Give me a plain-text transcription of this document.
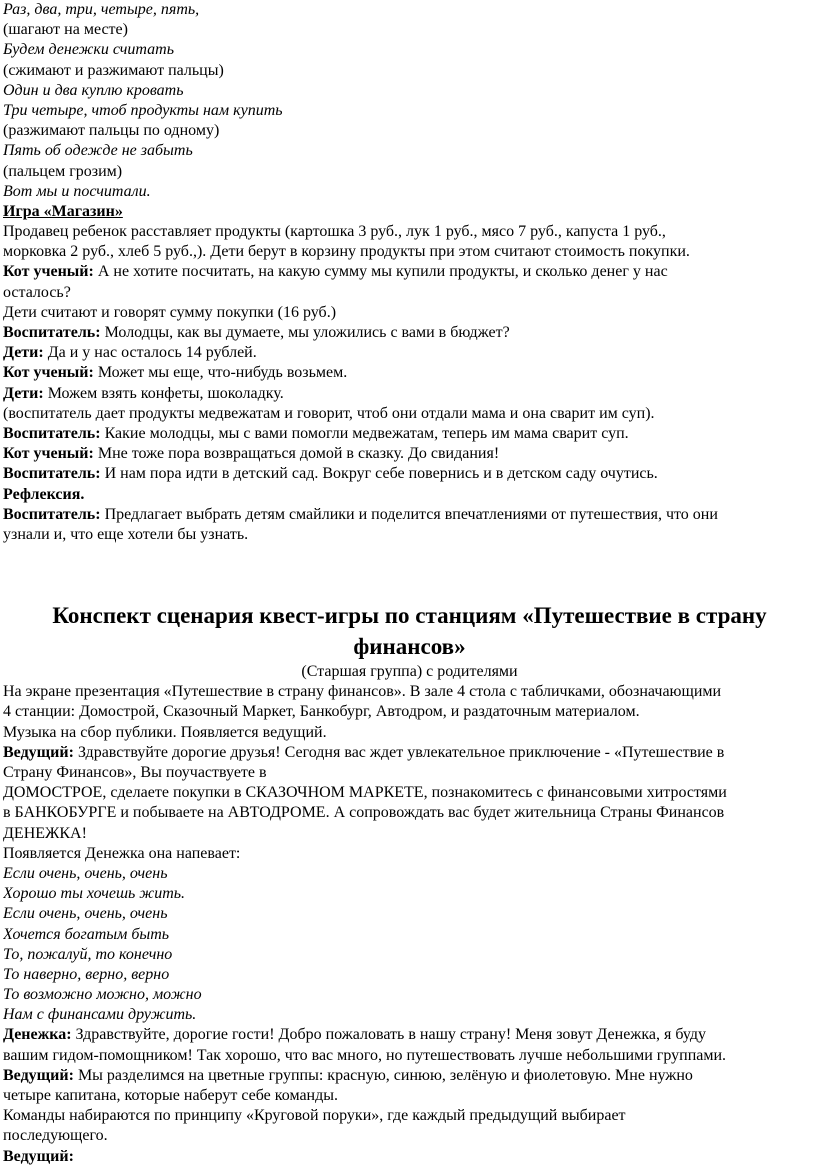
Раз, два, три, четыре, пять,
(шагают на месте)
Будем денежки считать
(сжимают и разжимают пальцы)
Один и два куплю кровать
Три четыре, чтоб продукты нам купить
(разжимают пальцы по одному)
Пять об одежде не забыть
(пальцем грозим)
Вот мы и посчитали.
Игра «Магазин»
Продавец ребенок расставляет продукты (картошка 3 руб., лук 1 руб., мясо 7 руб., капуста 1 руб.,
морковка 2 руб., хлеб 5 руб.,). Дети берут в корзину продукты при этом считают стоимость покупки.
Кот ученый: А не хотите посчитать, на какую сумму мы купили продукты, и сколько денег у нас
осталось?
Дети считают и говорят сумму покупки (16 руб.)
Воспитатель: Молодцы, как вы думаете, мы уложились с вами в бюджет?
Дети: Да и у нас осталось 14 рублей.
Кот ученый: Может мы еще, что-нибудь возьмем.
Дети: Можем взять конфеты, шоколадку.
(воспитатель дает продукты медвежатам и говорит, чтоб они отдали мама и она сварит им суп).
Воспитатель: Какие молодцы, мы с вами помогли медвежатам, теперь им мама сварит суп.
Кот ученый: Мне тоже пора возвращаться домой в сказку. До свидания!
Воспитатель: И нам пора идти в детский сад. Вокруг себе повернись и в детском саду очутись.
Рефлексия.
Воспитатель: Предлагает выбрать детям смайлики и поделится впечатлениями от путешествия, что они
узнали и, что еще хотели бы узнать.
Конспект сценария квест-игры по станциям «Путешествие в страну
финансов»
(Старшая группа) с родителями
На экране презентация «Путешествие в страну финансов». В зале 4 стола с табличками, обозначающими
4 станции: Домострой, Сказочный Маркет, Банкобург, Автодром, и раздаточным материалом.
Музыка на сбор публики. Появляется ведущий.
Ведущий: Здравствуйте дорогие друзья! Сегодня вас ждет увлекательное приключение - «Путешествие в
Страну Финансов», Вы поучаствуете в
ДОМОСТРОЕ, сделаете покупки в СКАЗОЧНОМ МАРКЕТЕ, познакомитесь с финансовыми хитростями
в БАНКОБУРГЕ и побываете на АВТОДРОМЕ. А сопровождать вас будет жительница Страны Финансов
ДЕНЕЖКА!
Появляется Денежка она напевает:
Если очень, очень, очень
Хорошо ты хочешь жить.
Если очень, очень, очень
Хочется богатым быть
То, пожалуй, то конечно
То наверно, верно, верно
То возможно можно, можно
Нам с финансами дружить.
Денежка: Здравствуйте, дорогие гости! Добро пожаловать в нашу страну! Меня зовут Денежка, я буду
вашим гидом-помощником! Так хорошо, что вас много, но путешествовать лучше небольшими группами.
Ведущий: Мы разделимся на цветные группы: красную, синюю, зелёную и фиолетовую. Мне нужно
четыре капитана, которые наберут себе команды.
Команды набираются по принципу «Круговой поруки», где каждый предыдущий выбирает
последующего.
Ведущий:
